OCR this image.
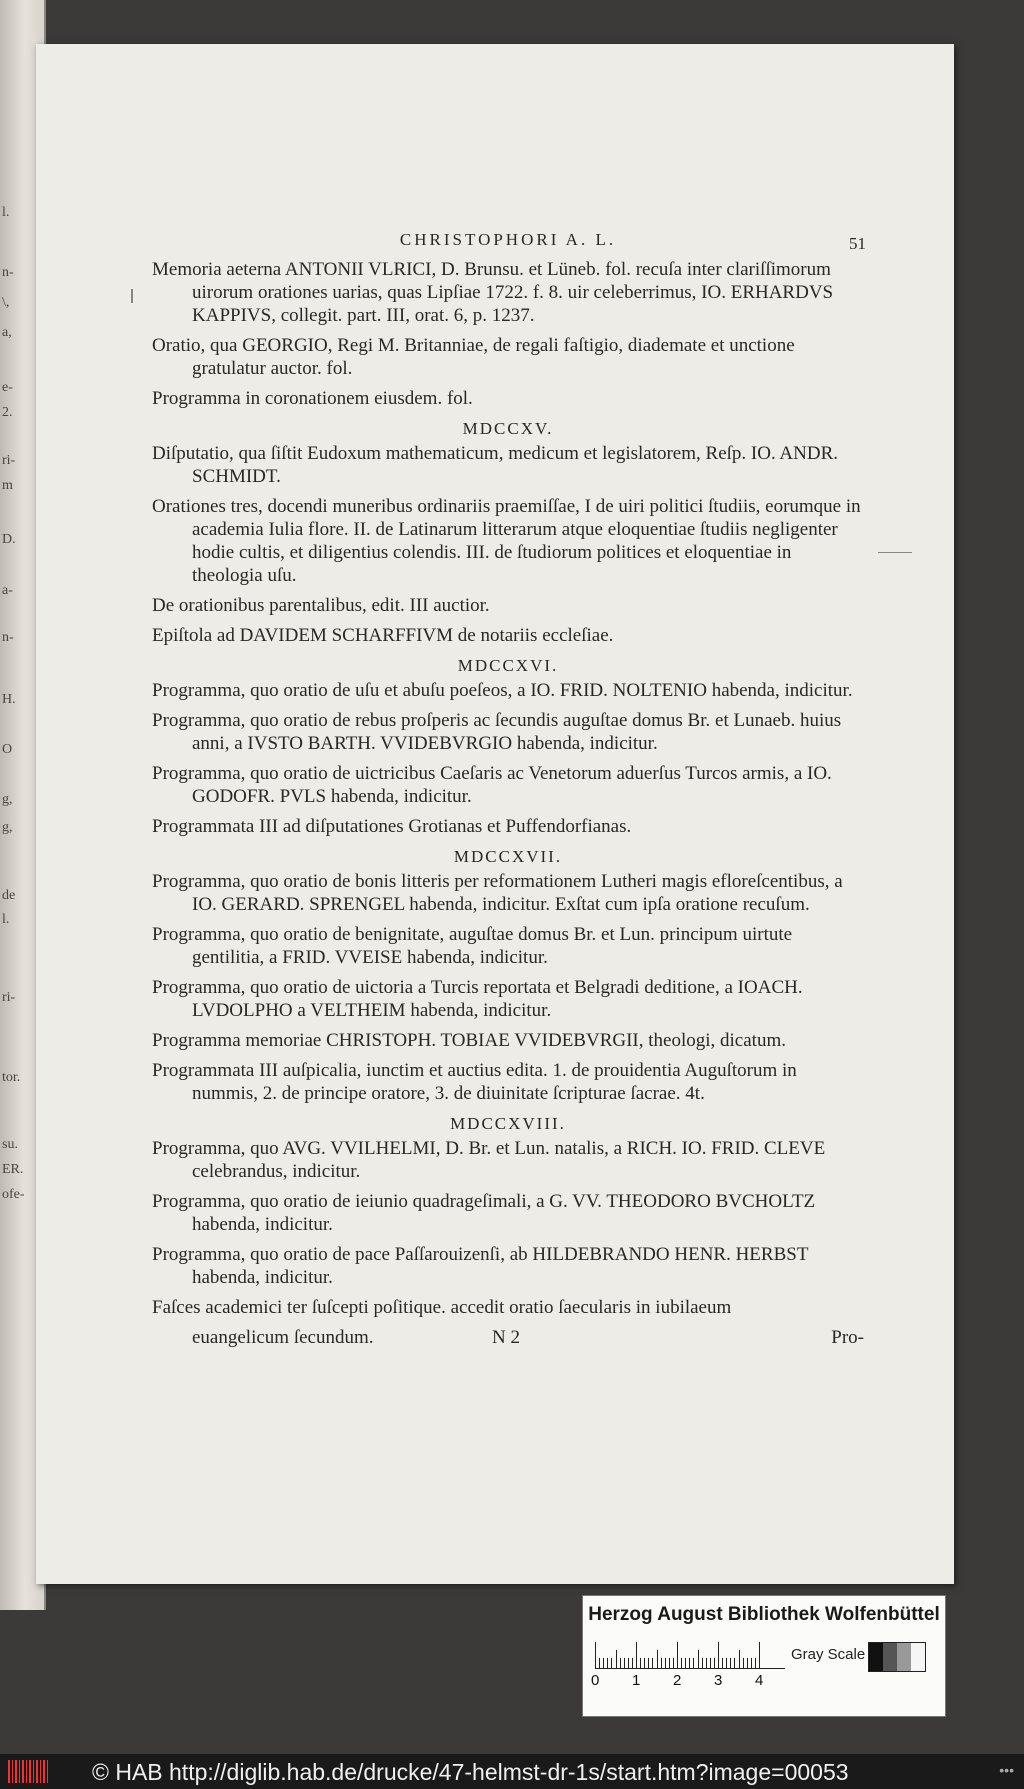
l.
n-
\,
a,
e-
2.
ri-
m
D.
a-
n-
H.
O
g,
g,
de
l.
ri-
tor.
su.
ER.
ofe-
CHRISTOPHORI A. L.	51
Memoria aeterna ANTONII VLRICI, D. Brunsu. et Lüneb. fol. recuſa inter clariſſimorum uirorum orationes uarias, quas Lipſiae 1722. f. 8. uir celeberrimus, IO. ERHARDVS KAPPIVS, collegit. part. III, orat. 6, p. 1237.
Oratio, qua GEORGIO, Regi M. Britanniae, de regali faſtigio, diademate et unctione gratulatur auctor. fol.
Programma in coronationem eiusdem. fol.
MDCCXV.
Diſputatio, qua ſiſtit Eudoxum mathematicum, medicum et legislatorem, Reſp. IO. ANDR. SCHMIDT.
Orationes tres, docendi muneribus ordinariis praemiſſae, I de uiri politici ſtudiis, eorumque in academia Iulia flore. II. de Latinarum litterarum atque eloquentiae ſtudiis negligenter hodie cultis, et diligentius colendis. III. de ſtudiorum politices et eloquentiae in theologia uſu.
De orationibus parentalibus, edit. III auctior.
Epiſtola ad DAVIDEM SCHARFFIVM de notariis eccleſiae.
MDCCXVI.
Programma, quo oratio de uſu et abuſu poeſeos, a IO. FRID. NOLTENIO habenda, indicitur.
Programma, quo oratio de rebus proſperis ac ſecundis auguſtae domus Br. et Lunaeb. huius anni, a IVSTO BARTH. VVIDEBVRGIO habenda, indicitur.
Programma, quo oratio de uictricibus Caeſaris ac Venetorum aduerſus Turcos armis, a IO. GODOFR. PVLS habenda, indicitur.
Programmata III ad diſputationes Grotianas et Puffendorfianas.
MDCCXVII.
Programma, quo oratio de bonis litteris per reformationem Lutheri magis efloreſcentibus, a IO. GERARD. SPRENGEL habenda, indicitur. Exſtat cum ipſa oratione recuſum.
Programma, quo oratio de benignitate, auguſtae domus Br. et Lun. principum uirtute gentilitia, a FRID. VVEISE habenda, indicitur.
Programma, quo oratio de uictoria a Turcis reportata et Belgradi deditione, a IOACH. LVDOLPHO a VELTHEIM habenda, indicitur.
Programma memoriae CHRISTOPH. TOBIAE VVIDEBVRGII, theologi, dicatum.
Programmata III auſpicalia, iunctim et auctius edita. 1. de prouidentia Auguſtorum in nummis, 2. de principe oratore, 3. de diuinitate ſcripturae ſacrae. 4t.
MDCCXVIII.
Programma, quo AVG. VVILHELMI, D. Br. et Lun. natalis, a RICH. IO. FRID. CLEVE celebrandus, indicitur.
Programma, quo oratio de ieiunio quadrageſimali, a G. VV. THEODORO BVCHOLTZ habenda, indicitur.
Programma, quo oratio de pace Paſſarouizenſi, ab HILDEBRANDO HENR. HERBST habenda, indicitur.
Faſces academici ter ſuſcepti poſitique. accedit oratio ſaecularis in iubilaeum
euangelicum ſecundum.	N 2	Pro-
Herzog August Bibliothek Wolfenbüttel
0 1 2 3 4
Gray Scale
© HAB http://diglib.hab.de/drucke/47-helmst-dr-1s/start.htm?image=00053	•••
